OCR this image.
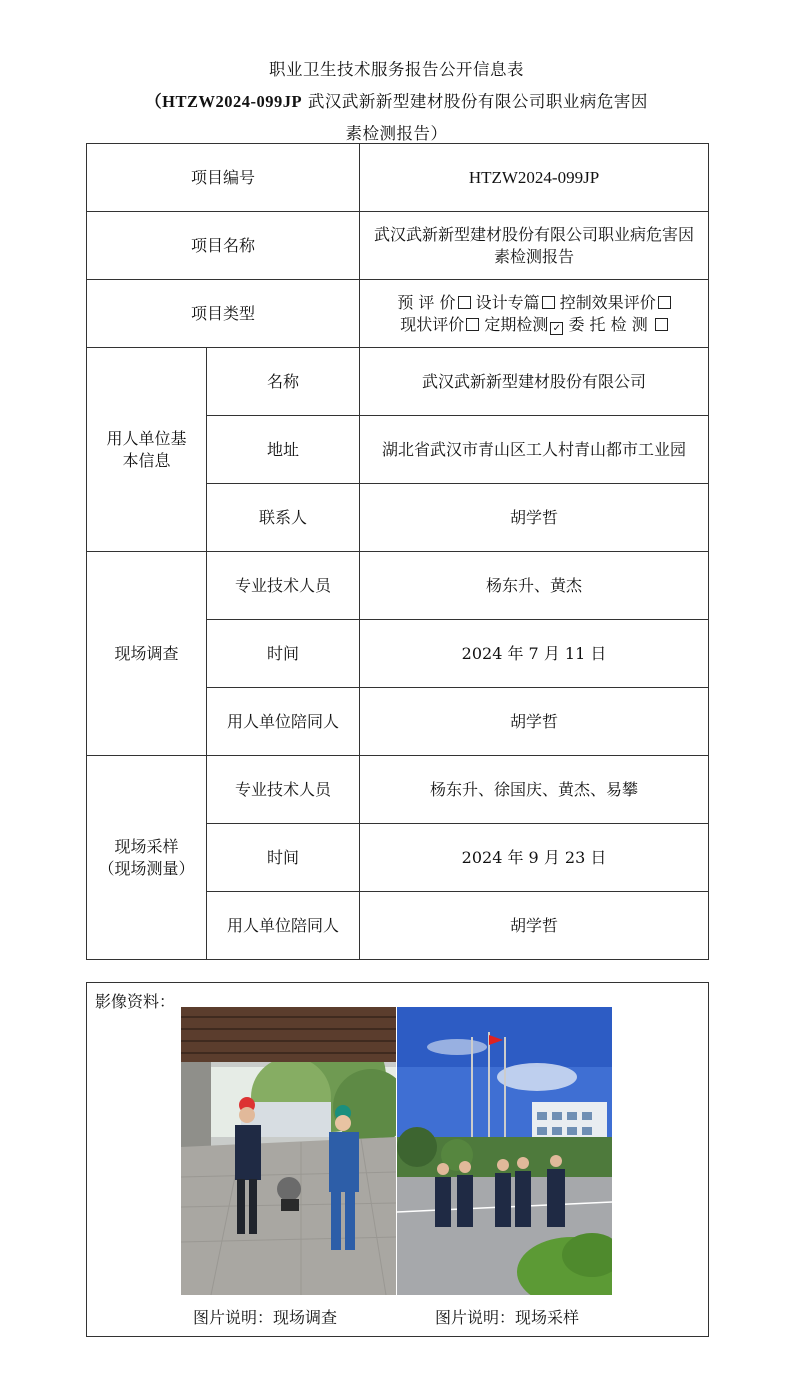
职业卫生技术服务报告公开信息表
（HTZW2024-099JP 武汉武新新型建材股份有限公司职业病危害因
素检测报告）
项目编号		HTZW2024-099JP
项目名称		武汉武新新型建材股份有限公司职业病危害因素检测报告
项目类型		预 评 价 设计专篇 控制效果评价
现状评价 定期检测 ✓ 委 托 检 测

用人单位基本信息	名称	武汉武新新型建材股份有限公司
	地址	湖北省武汉市青山区工人村青山都市工业园
	联系人	胡学哲
现场调查	专业技术人员	杨东升、黄杰
	时间	2024 年 7 月 11 日
	用人单位陪同人	胡学哲

现场采样
（现场测量）	专业技术人员	杨东升、徐国庆、黄杰、易攀
	时间	2024 年 9 月 23 日
	用人单位陪同人	胡学哲
影像资料：
图片说明：现场调查	图片说明：现场采样
